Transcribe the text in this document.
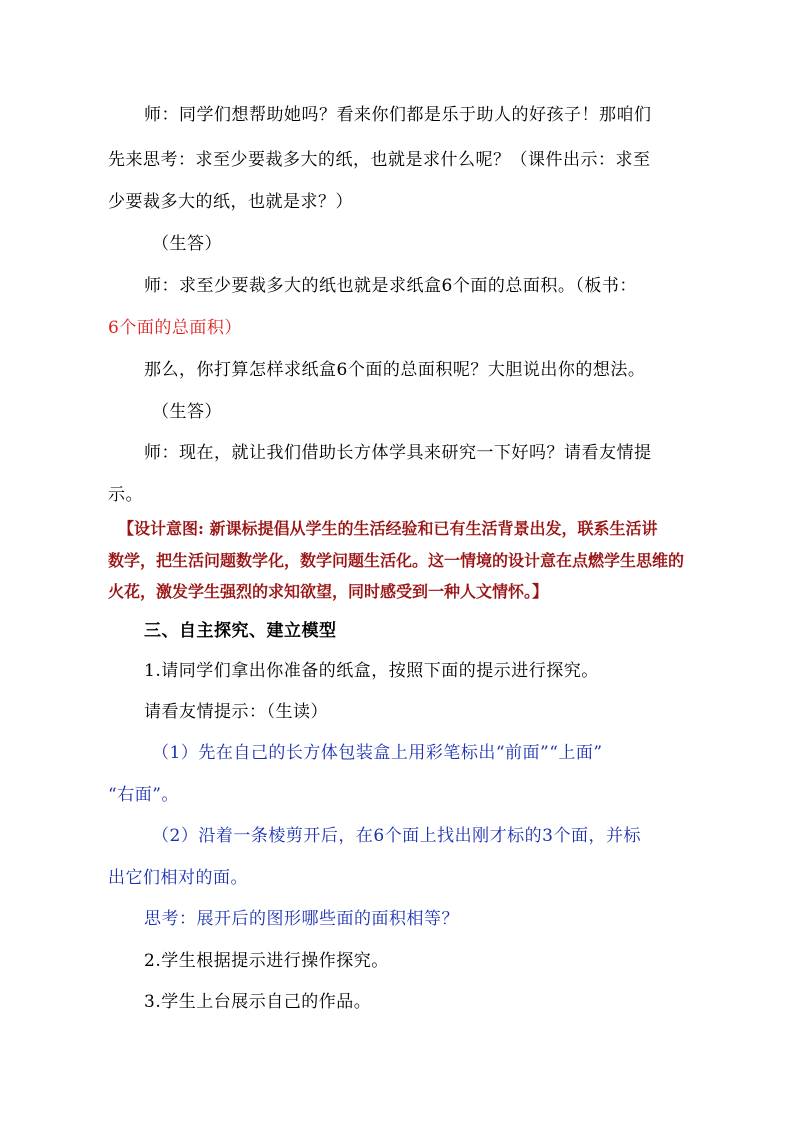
师：同学们想帮助她吗？看来你们都是乐于助人的好孩子！那咱们
先来思考：求至少要裁多大的纸，也就是求什么呢？（课件出示：求至
少要裁多大的纸，也就是求？）
（生答）
师：求至少要裁多大的纸也就是求纸盒6个面的总面积。（板书：
6个面的总面积）
那么，你打算怎样求纸盒6个面的总面积呢？大胆说出你的想法。
（生答）
师：现在，就让我们借助长方体学具来研究一下好吗？请看友情提
示。
【设计意图: 新课标提倡从学生的生活经验和已有生活背景出发，联系生活讲
数学，把生活问题数学化，数学问题生活化。这一情境的设计意在点燃学生思维的
火花，激发学生强烈的求知欲望，同时感受到一种人文情怀。】
三、自主探究、建立模型
1.请同学们拿出你准备的纸盒，按照下面的提示进行探究。
请看友情提示：（生读）
（1）先在自己的长方体包装盒上用彩笔标出“前面”“上面”
“右面”。
（2）沿着一条棱剪开后，在6个面上找出刚才标的3个面，并标
出它们相对的面。
思考：展开后的图形哪些面的面积相等？
2.学生根据提示进行操作探究。
3.学生上台展示自己的作品。
